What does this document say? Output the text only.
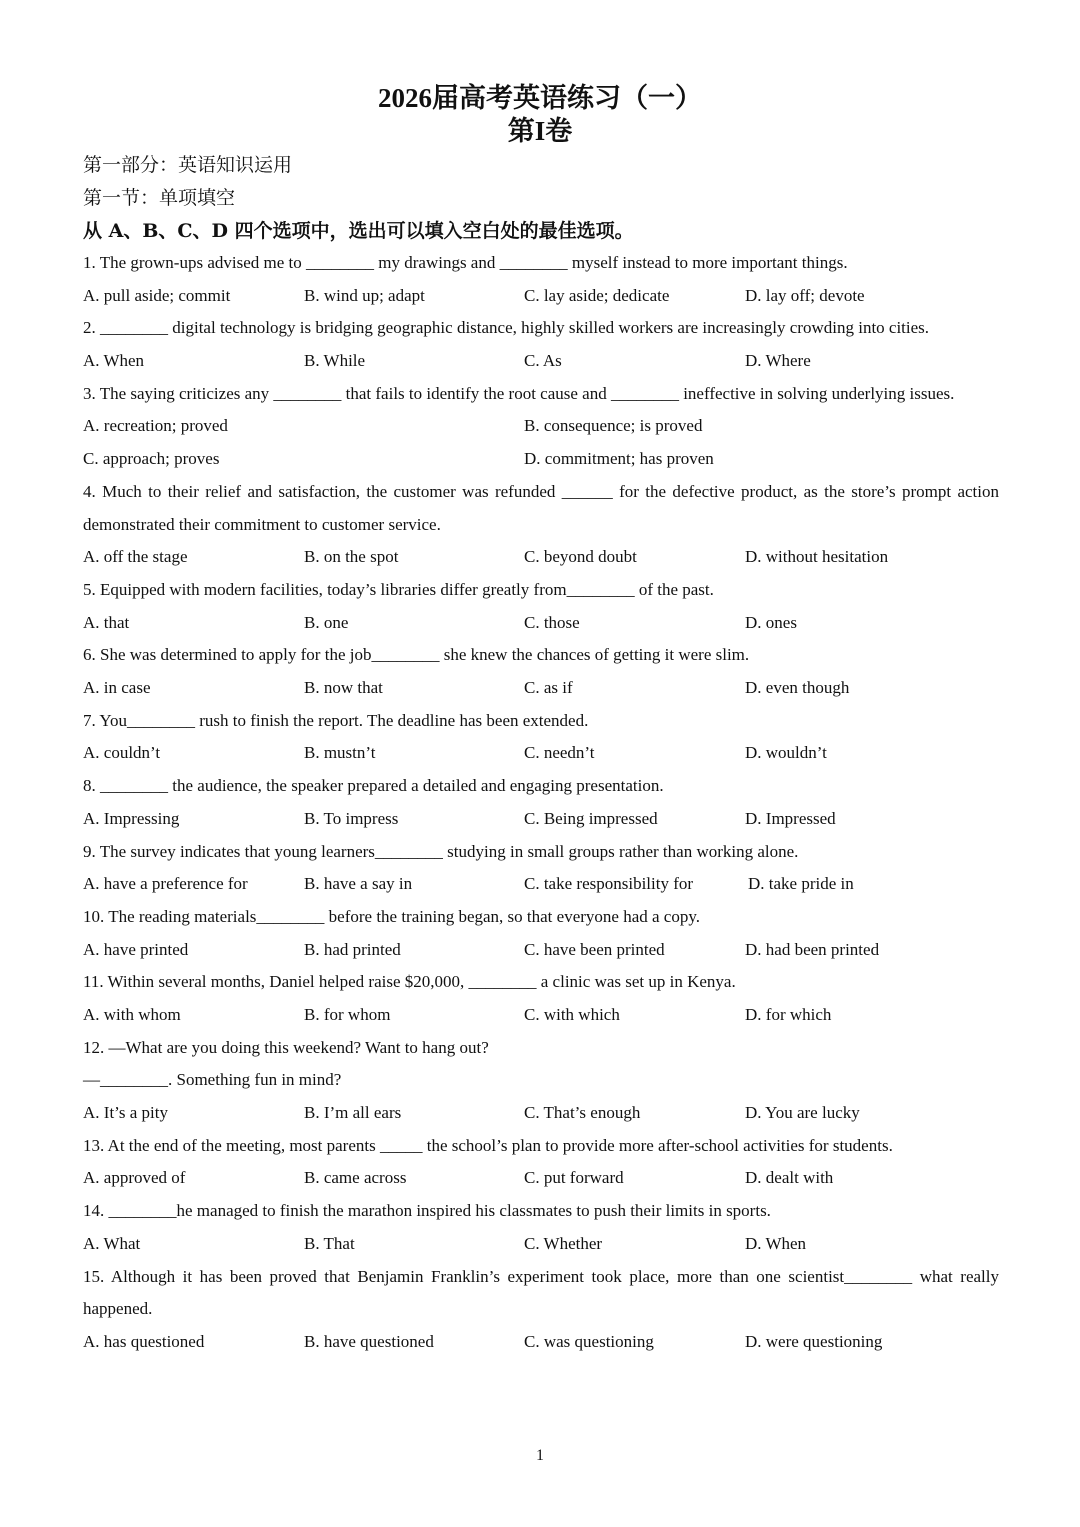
2026届高考英语练习（一）
第I卷
第一部分：英语知识运用
第一节：单项填空
从 A、B、C、D 四个选项中，选出可以填入空白处的最佳选项。

1. The grown-ups advised me to ________ my drawings and ________ myself instead to more important things.

A. pull aside; commit	B. wind up; adapt	C. lay aside; dedicate	D. lay off; devote

2. ________ digital technology is bridging geographic distance, highly skilled workers are increasingly crowding into cities.

A. When	B. While	C. As	D. Where

3. The saying criticizes any ________ that fails to identify the root cause and ________ ineffective in solving underlying issues.

A. recreation; proved	B. consequence; is proved
C. approach; proves	D. commitment; has proven

4. Much to their relief and satisfaction, the customer was refunded ______ for the defective product, as the store’s prompt action demonstrated their commitment to customer service.

A. off the stage	B. on the spot	C. beyond doubt	D. without hesitation

5. Equipped with modern facilities, today’s libraries differ greatly from________ of the past.

A. that	B. one	C. those	D. ones

6. She was determined to apply for the job________ she knew the chances of getting it were slim.

A. in case	B. now that	C. as if	D. even though

7. You________ rush to finish the report. The deadline has been extended.

A. couldn’t	B. mustn’t	C. needn’t	D. wouldn’t

8. ________ the audience, the speaker prepared a detailed and engaging presentation.

A. Impressing	B. To impress	C. Being impressed	D. Impressed

9. The survey indicates that young learners________ studying in small groups rather than working alone.

A. have a preference for	B. have a say in	C. take responsibility for	D. take pride in

10. The reading materials________ before the training began, so that everyone had a copy.

A. have printed	B. had printed	C. have been printed	D. had been printed

11. Within several months, Daniel helped raise $20,000, ________ a clinic was set up in Kenya.

A. with whom	B. for whom	C. with which	D. for which

12. —What are you doing this weekend? Want to hang out?

—________. Something fun in mind?

A. It’s a pity	B. I’m all ears	C. That’s enough	D. You are lucky

13. At the end of the meeting, most parents _____ the school’s plan to provide more after-school activities for students.

A. approved of	B. came across	C. put forward	D. dealt with

14. ________he managed to finish the marathon inspired his classmates to push their limits in sports.

A. What	B. That	C. Whether	D. When

15. Although it has been proved that Benjamin Franklin’s experiment took place, more than one scientist________ what really happened.

A. has questioned	B. have questioned	C. was questioning	D. were questioning
1
